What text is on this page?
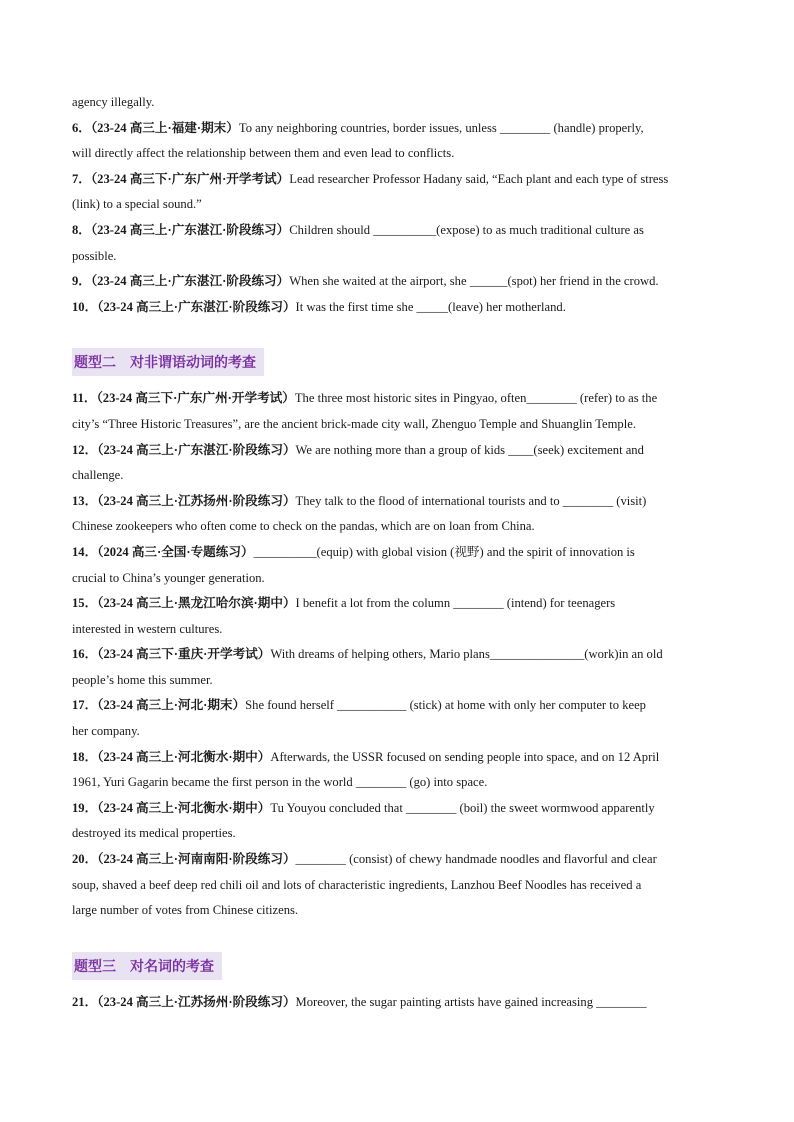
agency illegally.
6．（23-24 高三上·福建·期末）To any neighboring countries, border issues, unless ________ (handle) properly,
will directly affect the relationship between them and even lead to conflicts.
7．（23-24 高三下·广东广州·开学考试）Lead researcher Professor Hadany said, “Each plant and each type of stress
(link) to a special sound.”
8．（23-24 高三上·广东湛江·阶段练习）Children should __________(expose) to as much traditional culture as
possible.
9．（23-24 高三上·广东湛江·阶段练习）When she waited at the airport, she ______(spot) her friend in the crowd.
10．（23-24 高三上·广东湛江·阶段练习）It was the first time she _____(leave) her motherland.
题型二　对非谓语动词的考查
11．（23-24 高三下·广东广州·开学考试）The three most historic sites in Pingyao, often________ (refer) to as the
city’s “Three Historic Treasures”, are the ancient brick-made city wall, Zhenguo Temple and Shuanglin Temple.
12．（23-24 高三上·广东湛江·阶段练习）We are nothing more than a group of kids ____(seek) excitement and
challenge.
13．（23-24 高三上·江苏扬州·阶段练习）They talk to the flood of international tourists and to ________ (visit)
Chinese zookeepers who often come to check on the pandas, which are on loan from China.
14．（2024 高三·全国·专题练习）__________(equip) with global vision (视野) and the spirit of innovation is
crucial to China’s younger generation.
15．（23-24 高三上·黑龙江哈尔滨·期中）I benefit a lot from the column ________ (intend) for teenagers
interested in western cultures.
16．（23-24 高三下·重庆·开学考试）With dreams of helping others, Mario plans_______________(work)in an old
people’s home this summer.
17．（23-24 高三上·河北·期末）She found herself ___________ (stick) at home with only her computer to keep
her company.
18．（23-24 高三上·河北衡水·期中）Afterwards, the USSR focused on sending people into space, and on 12 April
1961, Yuri Gagarin became the first person in the world ________ (go) into space.
19．（23-24 高三上·河北衡水·期中）Tu Youyou concluded that ________ (boil) the sweet wormwood apparently
destroyed its medical properties.
20．（23-24 高三上·河南南阳·阶段练习）________ (consist) of chewy handmade noodles and flavorful and clear
soup, shaved a beef deep red chili oil and lots of characteristic ingredients, Lanzhou Beef Noodles has received a
large number of votes from Chinese citizens.
题型三　对名词的考查
21．（23-24 高三上·江苏扬州·阶段练习）Moreover, the sugar painting artists have gained increasing ________
